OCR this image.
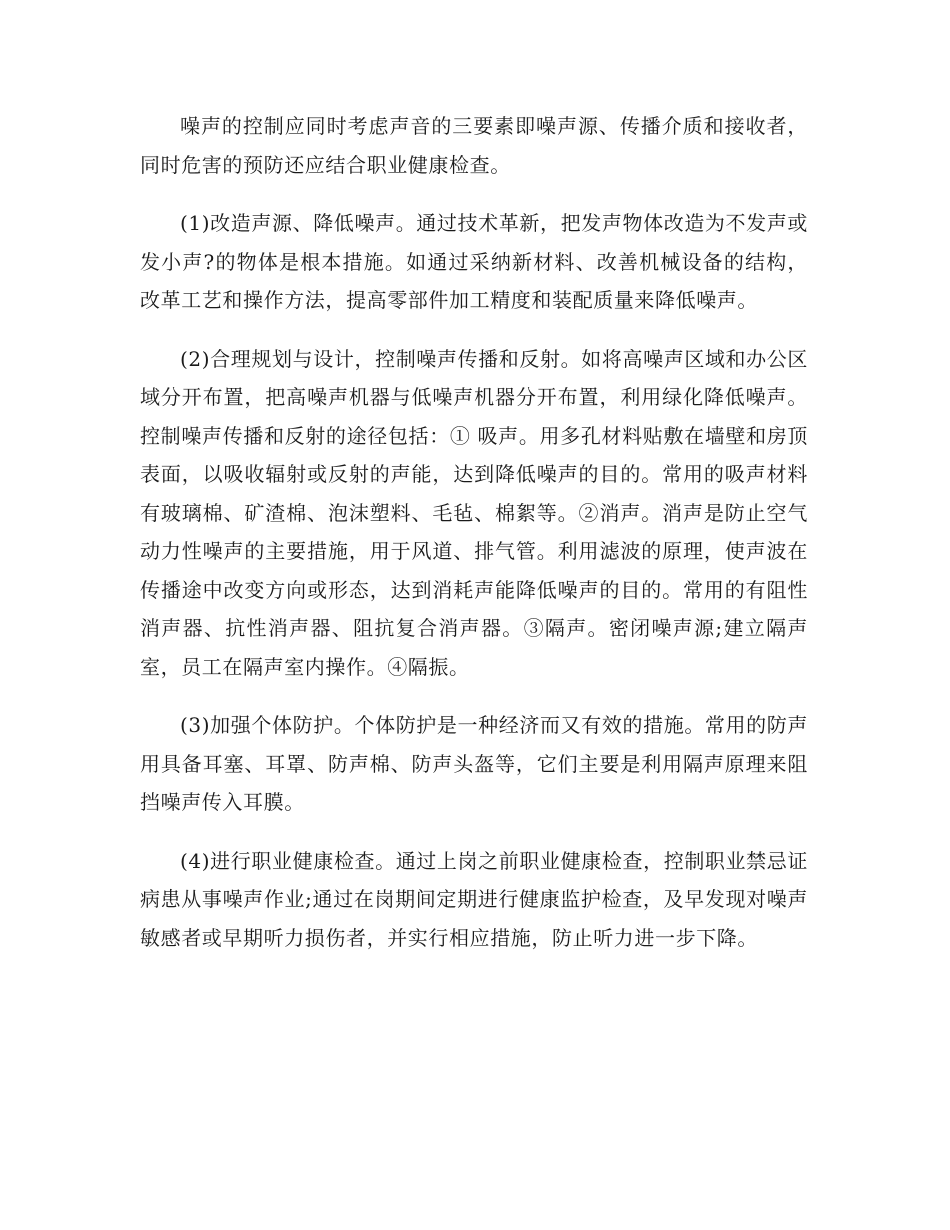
噪声的控制应同时考虑声音的三要素即噪声源、传播介质和接收者，同时危害的预防还应结合职业健康检查。

(1)改造声源、降低噪声。通过技术革新，把发声物体改造为不发声或发小声?的物体是根本措施。如通过采纳新材料、改善机械设备的结构，改革工艺和操作方法，提高零部件加工精度和装配质量来降低噪声。

(2)合理规划与设计，控制噪声传播和反射。如将高噪声区域和办公区域分开布置，把高噪声机器与低噪声机器分开布置，利用绿化降低噪声。控制噪声传播和反射的途径包括：① 吸声。用多孔材料贴敷在墙壁和房顶表面，以吸收辐射或反射的声能，达到降低噪声的目的。常用的吸声材料有玻璃棉、矿渣棉、泡沫塑料、毛毡、棉絮等。②消声。消声是防止空气动力性噪声的主要措施，用于风道、排气管。利用滤波的原理，使声波在传播途中改变方向或形态，达到消耗声能降低噪声的目的。常用的有阻性消声器、抗性消声器、阻抗复合消声器。③隔声。密闭噪声源;建立隔声室，员工在隔声室内操作。④隔振。

(3)加强个体防护。个体防护是一种经济而又有效的措施。常用的防声用具备耳塞、耳罩、防声棉、防声头盔等，它们主要是利用隔声原理来阻挡噪声传入耳膜。

(4)进行职业健康检查。通过上岗之前职业健康检查，控制职业禁忌证病患从事噪声作业;通过在岗期间定期进行健康监护检查，及早发现对噪声敏感者或早期听力损伤者，并实行相应措施，防止听力进一步下降。
